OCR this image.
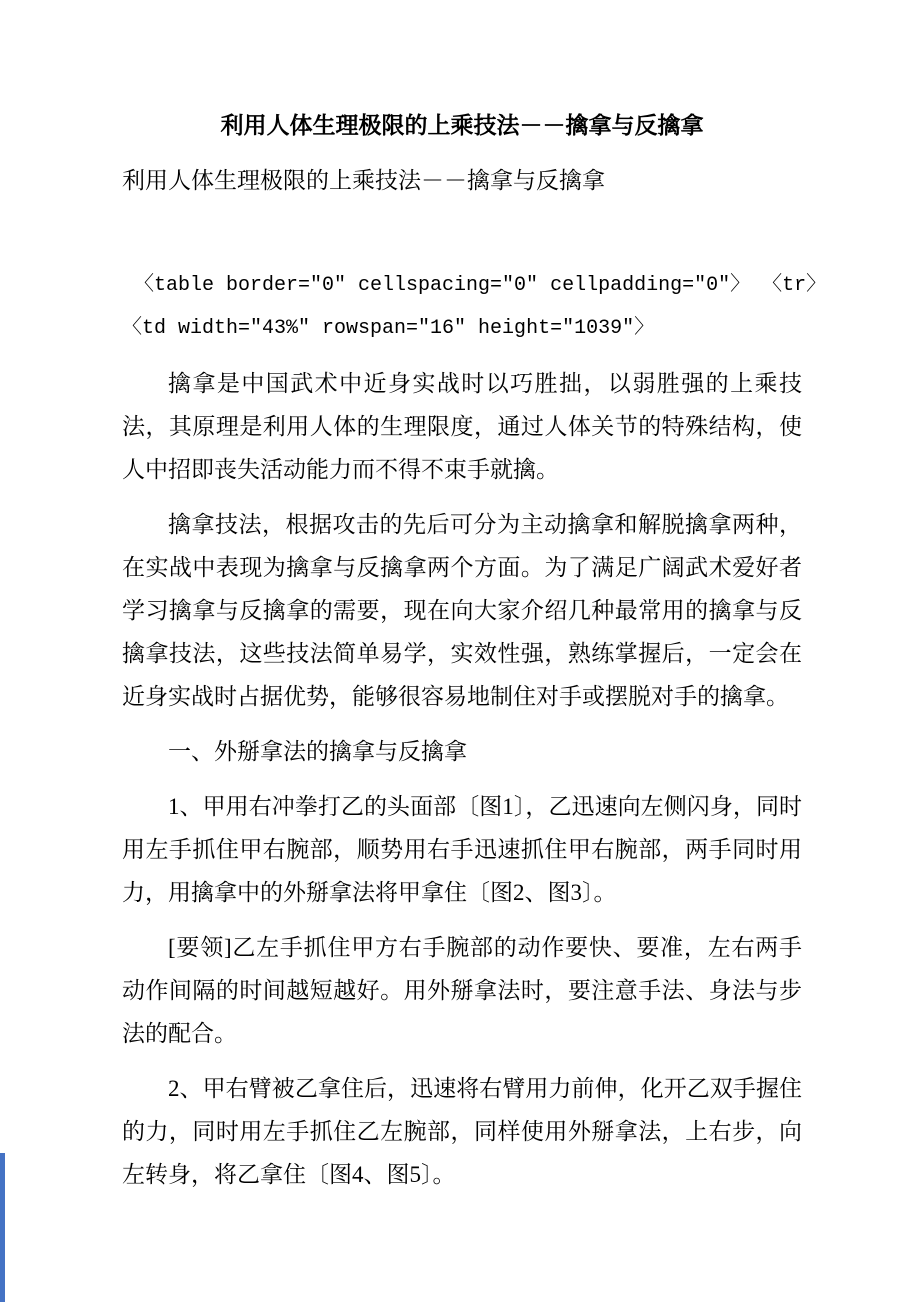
利用人体生理极限的上乘技法－－擒拿与反擒拿

利用人体生理极限的上乘技法－－擒拿与反擒拿

〈table border=″0″ cellspacing=″0″ cellpadding=″0″〉 〈tr〉
〈td width=″43%″ rowspan=″16″ height=″1039″〉

擒拿是中国武术中近身实战时以巧胜拙，以弱胜强的上乘技法，其原理是利用人体的生理限度，通过人体关节的特殊结构，使人中招即丧失活动能力而不得不束手就擒。

擒拿技法，根据攻击的先后可分为主动擒拿和解脱擒拿两种，在实战中表现为擒拿与反擒拿两个方面。为了满足广阔武术爱好者学习擒拿与反擒拿的需要，现在向大家介绍几种最常用的擒拿与反擒拿技法，这些技法简单易学，实效性强，熟练掌握后，一定会在近身实战时占据优势，能够很容易地制住对手或摆脱对手的擒拿。

一、外掰拿法的擒拿与反擒拿

1、甲用右冲拳打乙的头面部〔图1〕，乙迅速向左侧闪身，同时用左手抓住甲右腕部，顺势用右手迅速抓住甲右腕部，两手同时用力，用擒拿中的外掰拿法将甲拿住〔图2、图3〕。

[要领]乙左手抓住甲方右手腕部的动作要快、要准，左右两手动作间隔的时间越短越好。用外掰拿法时，要注意手法、身法与步法的配合。

2、甲右臂被乙拿住后，迅速将右臂用力前伸，化开乙双手握住的力，同时用左手抓住乙左腕部，同样使用外掰拿法，上右步，向左转身，将乙拿住〔图4、图5〕。
